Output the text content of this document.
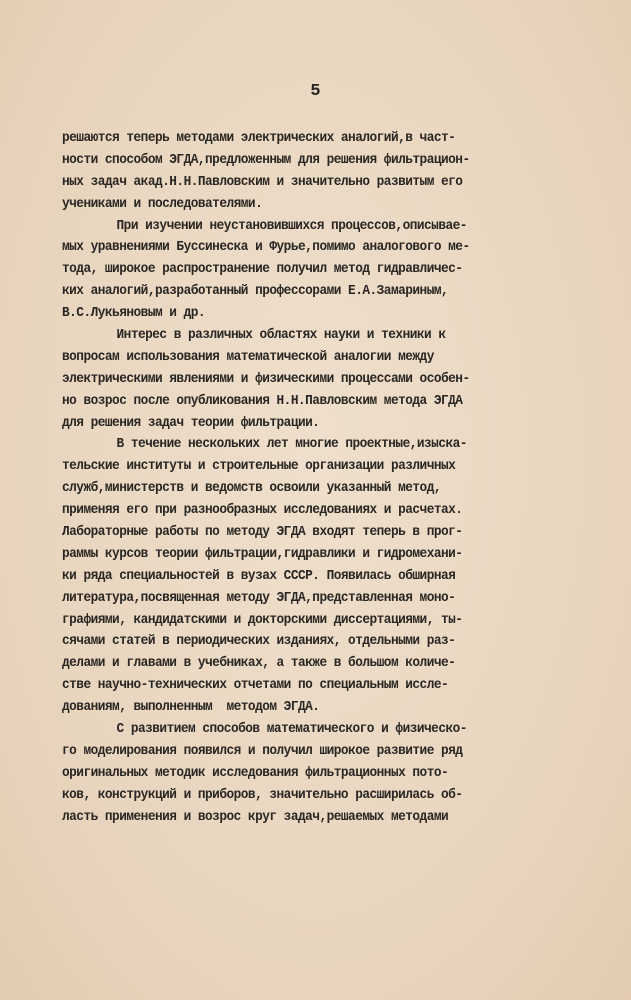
5
решаются теперь методами электрических аналогий,в част-
ности способом ЭГДА,предложенным для решения фильтрацион-
ных задач акад.Н.Н.Павловским и значительно развитым его
учениками и последователями.
При изучении неустановившихся процессов,описывае-
мых уравнениями Буссинеска и Фурье,помимо аналогового ме-
тода, широкое распространение получил метод гидравличес-
ких аналогий,разработанный профессорами Е.А.Замариным,
В.С.Лукьяновым и др.
Интерес в различных областях науки и техники к
вопросам использования математической аналогии между
электрическими явлениями и физическими процессами особен-
но возрос после опубликования Н.Н.Павловским метода ЭГДА
для решения задач теории фильтрации.
В течение нескольких лет многие проектные,изыска-
тельские институты и строительные организации различных
служб,министерств и ведомств освоили указанный метод,
применяя его при разнообразных исследованиях и расчетах.
Лабораторные работы по методу ЭГДА входят теперь в прог-
раммы курсов теории фильтрации,гидравлики и гидромехани-
ки ряда специальностей в вузах СССР. Появилась обширная
литература,посвященная методу ЭГДА,представленная моно-
графиями, кандидатскими и докторскими диссертациями, ты-
сячами статей в периодических изданиях, отдельными раз-
делами и главами в учебниках, а также в большом количе-
стве научно-технических отчетами по специальным иссле-
дованиям, выполненным  методом ЭГДА.
С развитием способов математического и физическо-
го моделирования появился и получил широкое развитие ряд
оригинальных методик исследования фильтрационных пото-
ков, конструкций и приборов, значительно расширилась об-
ласть применения и возрос круг задач,решаемых методами
